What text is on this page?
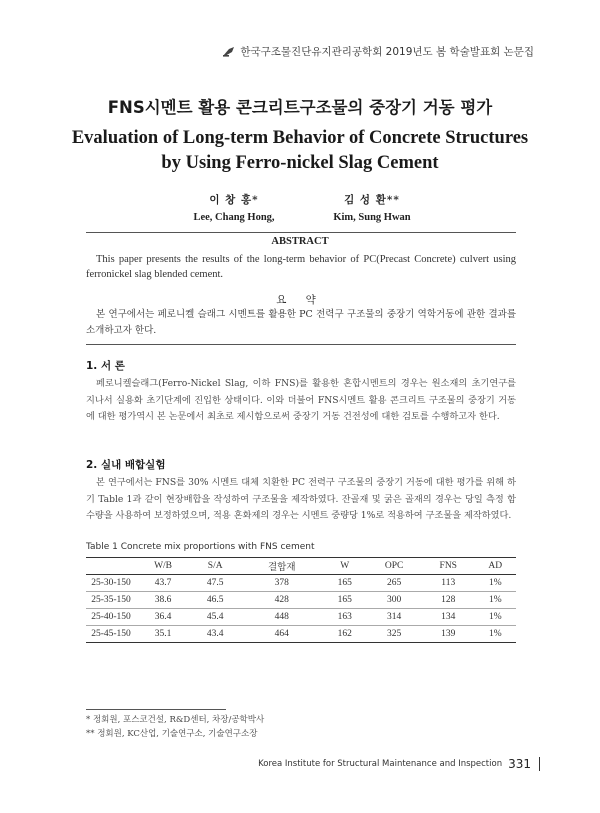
한국구조물진단유지관리공학회 2019년도 봄 학술발표회 논문집
FNS시멘트 활용 콘크리트구조물의 중장기 거동 평가
Evaluation of Long-term Behavior of Concrete Structures by Using Ferro-nickel Slag Cement
이 창 홍*
Lee, Chang Hong,
김 성 환**
Kim, Sung Hwan
ABSTRACT
This paper presents the results of the long-term behavior of PC(Precast Concrete) culvert using ferronickel slag blended cement.
요 약
본 연구에서는 페로니켈 슬래그 시멘트를 활용한 PC 전력구 구조물의 중장기 역학거동에 관한 결과를 소개하고자 한다.
1. 서 론
페로니켈슬래그(Ferro-Nickel Slag, 이하 FNS)를 활용한 혼합시멘트의 경우는 원소재의 초기연구를 지나서 실용화 초기단계에 진입한 상태이다. 이와 더불어 FNS시멘트 활용 콘크리트 구조물의 중장기 거동에 대한 평가역시 본 논문에서 최초로 제시함으로써 중장기 거동 건전성에 대한 검토를 수행하고자 한다.
2. 실내 배합실험
본 연구에서는 FNS를 30% 시멘트 대체 치환한 PC 전력구 구조물의 중장기 거동에 대한 평가를 위해 하기 Table 1과 같이 현장배합을 작성하여 구조물을 제작하였다. 잔골재 및 굵은 골재의 경우는 당일 측정 함수량을 사용하여 보정하였으며, 적용 혼화제의 경우는 시멘트 중량당 1%로 적용하여 구조물을 제작하였다.
Table 1 Concrete mix proportions with FNS cement
	W/B	S/A	결합재	W	OPC	FNS	AD
25-30-150	43.7	47.5	378	165	265	113	1%
25-35-150	38.6	46.5	428	165	300	128	1%
25-40-150	36.4	45.4	448	163	314	134	1%
25-45-150	35.1	43.4	464	162	325	139	1%
* 정회원, 포스코건설, R&D센터, 차장/공학박사
** 정회원, KC산업, 기술연구소, 기술연구소장
Korea Institute for Structural Maintenance and Inspection 331
